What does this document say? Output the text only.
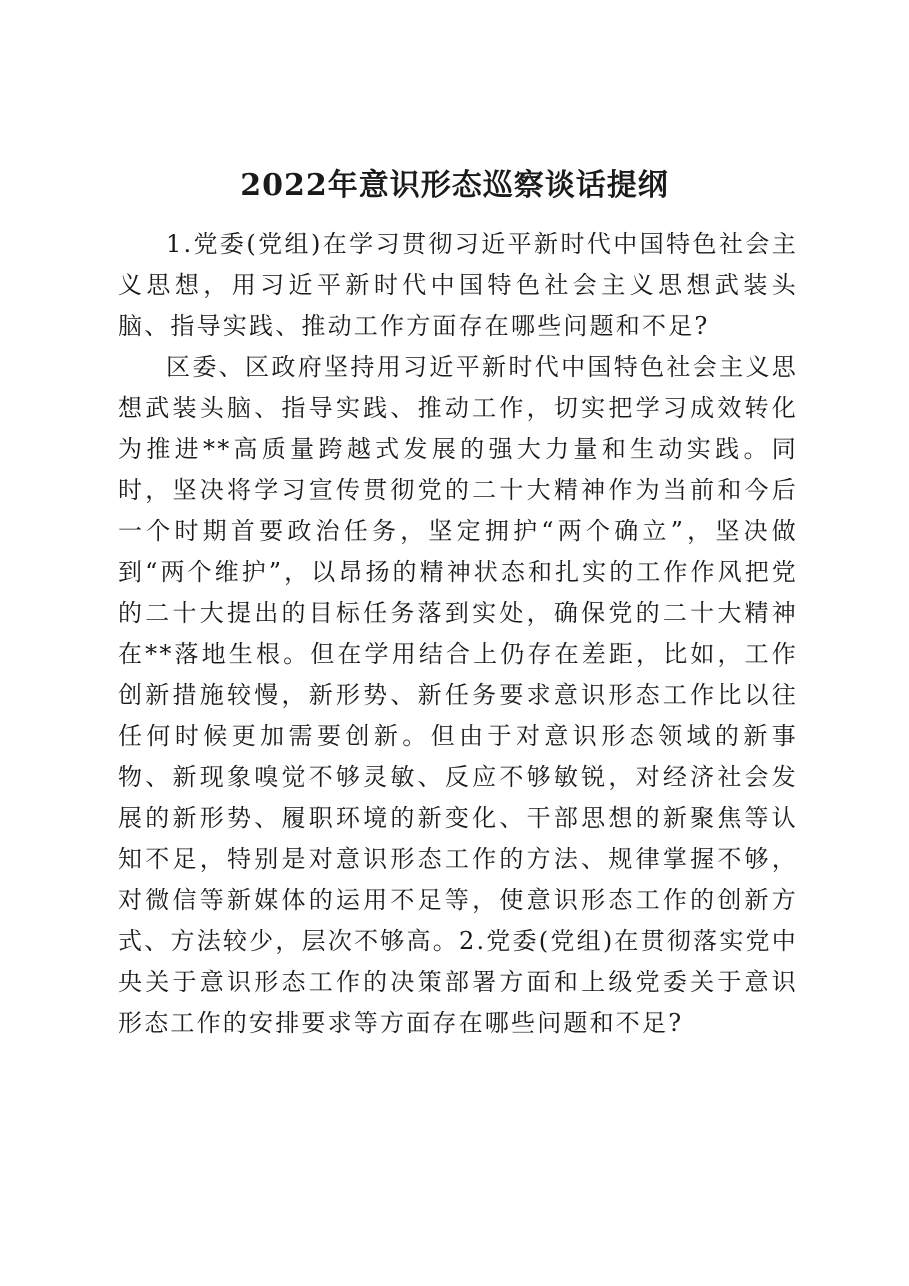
2022年意识形态巡察谈话提纲

1.党委(党组)在学习贯彻习近平新时代中国特色社会主义思想，用习近平新时代中国特色社会主义思想武装头脑、指导实践、推动工作方面存在哪些问题和不足?

区委、区政府坚持用习近平新时代中国特色社会主义思想武装头脑、指导实践、推动工作，切实把学习成效转化为推进**高质量跨越式发展的强大力量和生动实践。同时，坚决将学习宣传贯彻党的二十大精神作为当前和今后一个时期首要政治任务，坚定拥护“两个确立”，坚决做到“两个维护”，以昂扬的精神状态和扎实的工作作风把党的二十大提出的目标任务落到实处，确保党的二十大精神在**落地生根。但在学用结合上仍存在差距，比如，工作创新措施较慢，新形势、新任务要求意识形态工作比以往任何时候更加需要创新。但由于对意识形态领域的新事物、新现象嗅觉不够灵敏、反应不够敏锐，对经济社会发展的新形势、履职环境的新变化、干部思想的新聚焦等认知不足，特别是对意识形态工作的方法、规律掌握不够，对微信等新媒体的运用不足等，使意识形态工作的创新方式、方法较少，层次不够高。2.党委(党组)在贯彻落实党中央关于意识形态工作的决策部署方面和上级党委关于意识形态工作的安排要求等方面存在哪些问题和不足?
